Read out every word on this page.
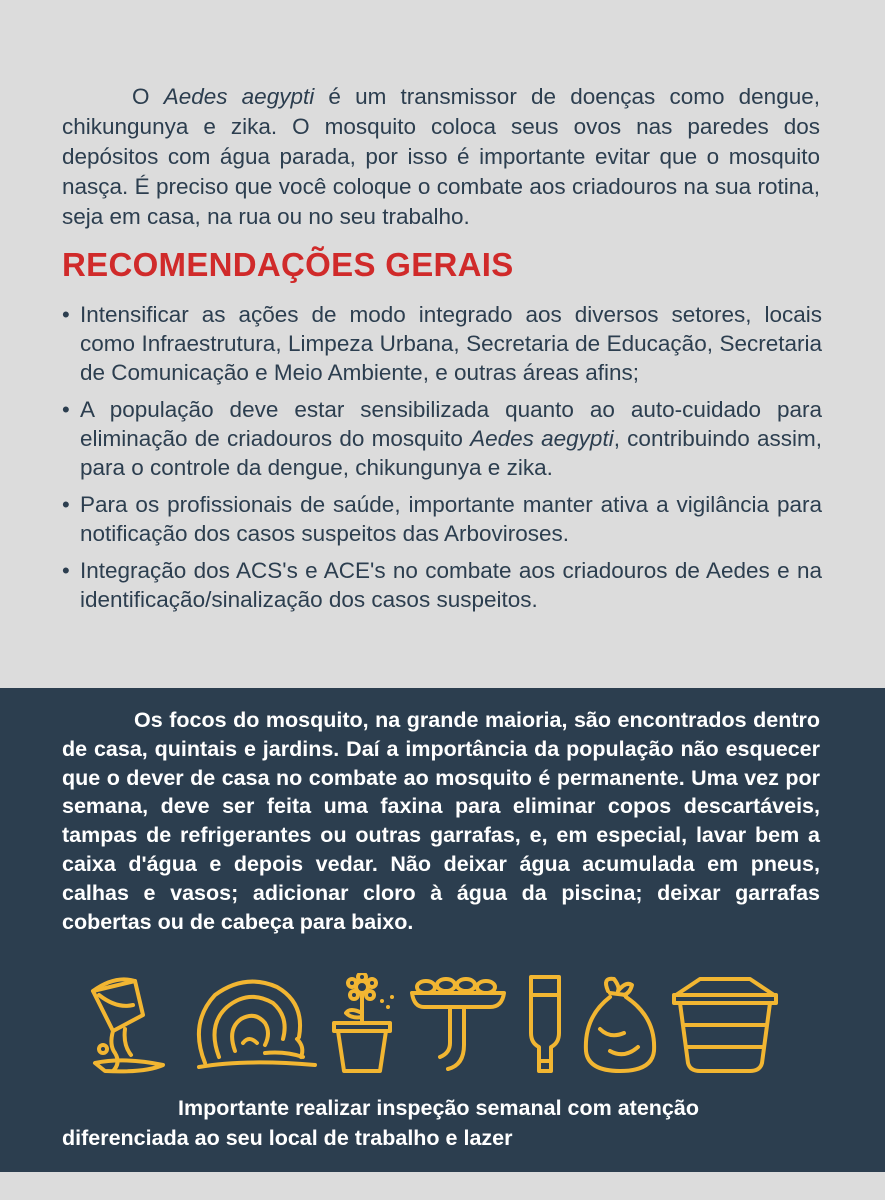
O Aedes aegypti é um transmissor de doenças como dengue, chikungunya e zika. O mosquito coloca seus ovos nas paredes dos depósitos com água parada, por isso é importante evitar que o mosquito nasça. É preciso que você coloque o combate aos criadouros na sua rotina, seja em casa, na rua ou no seu trabalho.

RECOMENDAÇÕES GERAIS
• Intensificar as ações de modo integrado aos diversos setores, locais como Infraestrutura, Limpeza Urbana, Secretaria de Educação, Secretaria de Comunicação e Meio Ambiente, e outras áreas afins;
• A população deve estar sensibilizada quanto ao auto-cuidado para eliminação de criadouros do mosquito Aedes aegypti, contribuindo assim, para o controle da dengue, chikungunya e zika.
• Para os profissionais de saúde, importante manter ativa a vigilância para notificação dos casos suspeitos das Arboviroses.
• Integração dos ACS's e ACE's no combate aos criadouros de Aedes e na identificação/sinalização dos casos suspeitos.

Os focos do mosquito, na grande maioria, são encontrados dentro de casa, quintais e jardins. Daí a importância da população não esquecer que o dever de casa no combate ao mosquito é permanente. Uma vez por semana, deve ser feita uma faxina para eliminar copos descartáveis, tampas de refrigerantes ou outras garrafas, e, em especial, lavar bem a caixa d'água e depois vedar. Não deixar água acumulada em pneus, calhas e vasos; adicionar cloro à água da piscina; deixar garrafas cobertas ou de cabeça para baixo.

Importante realizar inspeção semanal com atenção diferenciada ao seu local de trabalho e lazer
